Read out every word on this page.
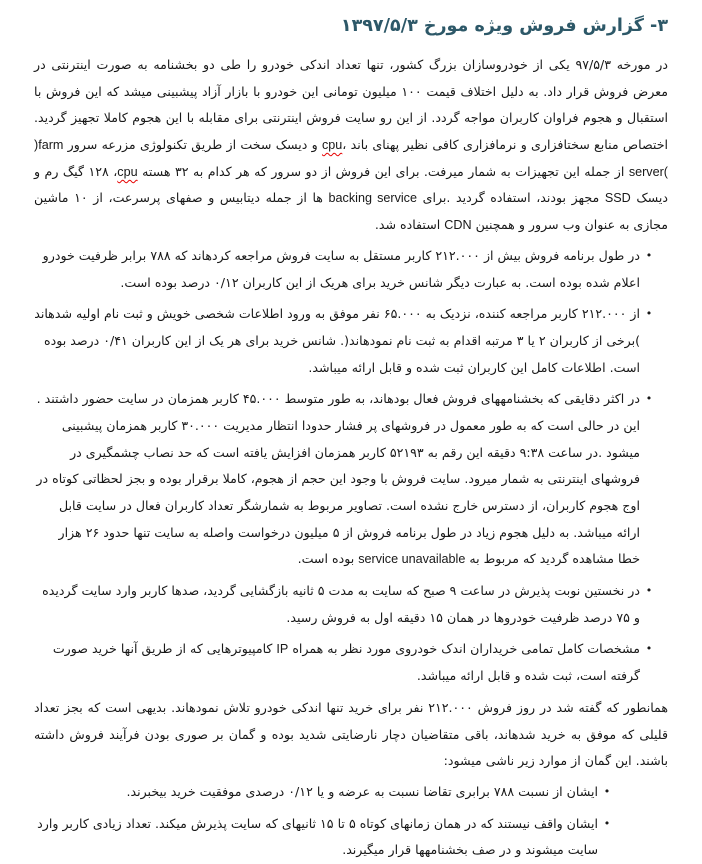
۳- گزارش فروش ویژه مورخ ۱۳۹۷/۵/۳
در مورخه ۹۷/۵/۳ یکی از خودروسازان بزرگ کشور، تنها تعداد اندکی خودرو را طی دو بخشنامه به صورت اینترنتی در معرض فروش قرار داد. به دلیل اختلاف قیمت ۱۰۰ میلیون تومانی این خودرو با بازار آزاد پیشبینی میشد که این فروش با استقبال و هجوم فراوان کاربران مواجه گردد. از این رو سایت فروش اینترنتی برای مقابله با این هجوم کاملا تجهیز گردید. اختصاص منابع سختافزاری و نرمافزاری کافی نظیر پهنای باند ،cpu و دیسک سخت از طریق تکنولوژی مزرعه سرور )farm server( از جمله این تجهیزات به شمار میرفت. برای این فروش از دو سرور که هر کدام به ۳۲ هسته cpu، ۱۲۸ گیگ رم و دیسک SSD مجهز بودند، استفاده گردید .برای backing service ها از جمله دیتابیس و صفهای پرسرعت، از ۱۰ ماشین مجازی به عنوان وب سرور و همچنین CDN استفاده شد.
•
در طول برنامه فروش بیش از ۲۱۲.۰۰۰ کاربر مستقل به سایت فروش مراجعه کردهاند که ۷۸۸ برابر ظرفیت خودرو اعلام شده بوده است. به عبارت دیگر شانس خرید برای هریک از این کاربران ۰/۱۲ درصد بوده است.
•
از ۲۱۲.۰۰۰ کاربر مراجعه کننده، نزدیک به ۶۵.۰۰۰ نفر موفق به ورود اطلاعات شخصی خویش و ثبت نام اولیه شدهاند )برخی از کاربران ۲ یا ۳ مرتبه اقدام به ثبت نام نمودهاند(. شانس خرید برای هر یک از این کاربران ۰/۴۱ درصد بوده است. اطلاعات کامل این کاربران ثبت شده و قابل ارائه میباشد.
•
در اکثر دقایقی که بخشنامههای فروش فعال بودهاند، به طور متوسط ۴۵.۰۰۰ کاربر همزمان در سایت حضور داشتند . این در حالی است که به طور معمول در فروشهای پر فشار حدودا انتظار مدیریت ۳۰.۰۰۰ کاربر همزمان پیشبینی میشود .در ساعت ۹:۳۸ دقیقه این رقم به ۵۲۱۹۳ کاربر همزمان افزایش یافته است که حد نصاب چشمگیری در فروشهای اینترنتی به شمار میرود. سایت فروش با وجود این حجم از هجوم، کاملا برقرار بوده و بجز لحظاتی کوتاه در اوج هجوم کاربران، از دسترس خارج نشده است. تصاویر مربوط به شمارشگر تعداد کاربران فعال در سایت قابل ارائه میباشد. به دلیل هجوم زیاد در طول برنامه فروش از ۵ میلیون درخواست واصله به سایت تنها حدود ۲۶ هزار خطا مشاهده گردید که مربوط به service unavailable بوده است.
•
در نخستین نوبت پذیرش در ساعت ۹ صبح که سایت به مدت ۵ ثانیه بازگشایی گردید، صدها کاربر وارد سایت گردیده و ۷۵ درصد ظرفیت خودروها در همان ۱۵ دقیقه اول به فروش رسید.
•
مشخصات کامل تمامی خریداران اندک خودروی مورد نظر به همراه IP کامپیوترهایی که از طریق آنها خرید صورت گرفته است، ثبت شده و قابل ارائه میباشد.
همانطور که گفته شد در روز فروش ۲۱۲.۰۰۰ نفر برای خرید تنها اندکی خودرو تلاش نمودهاند. بدیهی است که بجز تعداد قلیلی که موفق به خرید شدهاند، باقی متقاضیان دچار نارضایتی شدید بوده و گمان بر صوری بودن فرآیند فروش داشته باشند. این گمان از موارد زیر ناشی میشود:
•
ایشان از نسبت ۷۸۸ برابری تقاضا نسبت به عرضه و یا ۰/۱۲ درصدی موفقیت خرید بیخبرند.
•
ایشان واقف نیستند که در همان زمانهای کوتاه ۵ تا ۱۵ ثانیهای که سایت پذیرش میکند. تعداد زیادی کاربر وارد سایت میشوند و در صف بخشنامهها قرار میگیرند.
